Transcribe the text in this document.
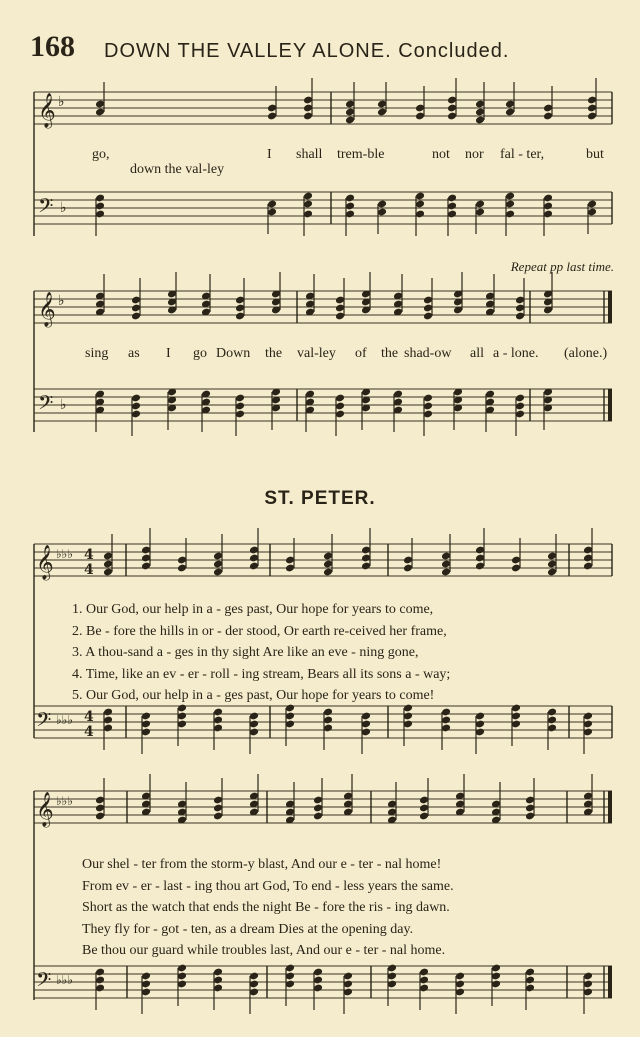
168 DOWN THE VALLEY ALONE. Concluded.
𝄞 ♭
𝄢 ♭
𝄞 ♭
𝄢 ♭
𝄞 ♭♭♭ 4
4
𝄢 ♭♭♭ 4
4
𝄞 ♭♭♭
𝄢 ♭♭♭
go,	I shall trem-ble	not nor fal - ter,	but
down the val-ley
Repeat pp last time.
sing as I go Down the val-ley of the shad-ow all a - lone. (alone.)
ST. PETER.
1. Our God, our help in a - ges past, Our hope for years to come,
2. Be - fore the hills in or - der stood, Or earth re-ceived her frame,
3. A thou-sand a - ges in thy sight Are like an eve - ning gone,
4. Time, like an ev - er - roll - ing stream, Bears all its sons a - way;
5. Our God, our help in a - ges past, Our hope for years to come!
Our shel - ter from the storm-y blast, And our e - ter - nal home!
From ev - er - last - ing thou art God, To end - less years the same.
Short as the watch that ends the night Be - fore the ris - ing dawn.
They fly for - got - ten, as a dream Dies at the opening day.
Be thou our guard while troubles last, And our e - ter - nal home.
